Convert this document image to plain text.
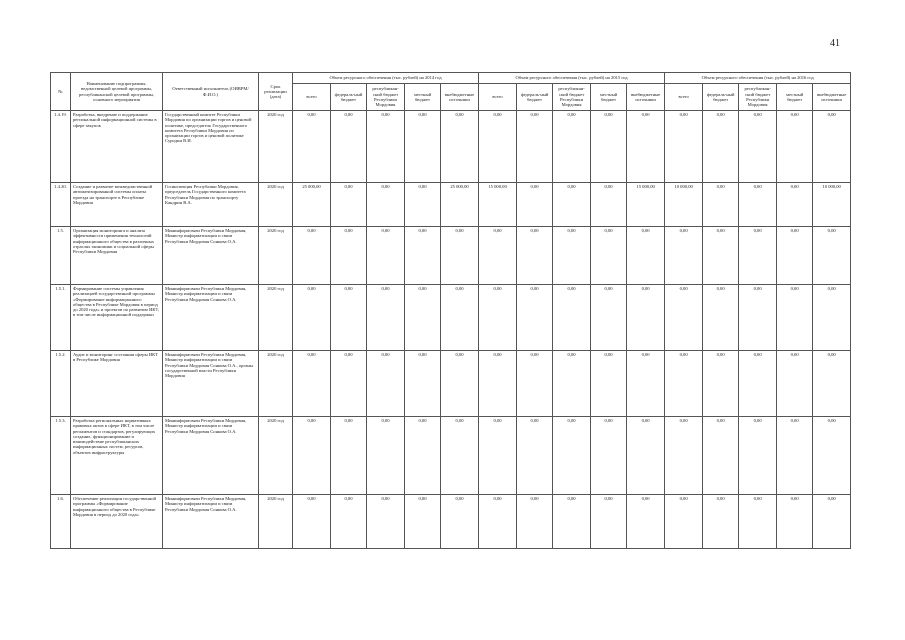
41
№	Наименование подпрограммы, ведомственной целевой программы, республиканской целевой программы, основного мероприятия	Ответственный исполнитель (ОИВРМ/Ф.И.О.)	Срок реализации (дата)	Объем ресурсного обеспечения (тыс. рублей) на 2014 год					Объем ресурсного обеспечения (тыс. рублей) на 2015 год					Объем ресурсного обеспечения (тыс. рублей) на 2016 год				
				всего	федераль-ный бюджет	республикан-ский бюджет Республики Мордовия	местный бюджет	внебюджетные источники	всего	федераль-ный бюджет	республикан-ский бюджет Республики Мордовия	местный бюджет	внебюджетные источники	всего	федераль-ный бюджет	республикан-ский бюджет Республики Мордовия	местный бюджет	внебюджетные источники
1.4.19.	Разработка, внедрение и поддержание региональной информационной системы в сфере закупок	Государственный комитет Республики Мордовия по организации торгов и ценовой политике, председатель Государственного комитета Республики Мордовия по организации торгов и ценовой политике Суродин В.И.	2020 год	0,00	0,00	0,00	0,00	0,00	0,00	0,00	0,00	0,00	0,00	0,00	0,00	0,00	0,00	0,00
1.4.20.	Создание и развитие межведомственной автоматизированной системы оплаты проезда на транспорте в Республике Мордовия	Госинспекция Республики Мордовия, председатель Государственного комитета Республики Мордовия по транспорту Кандрин В.А.	2020 год	25 000,00	0,00	0,00	0,00	25 000,00	15 000,00	0,00	0,00	0,00	15 000,00	10 000,00	0,00	0,00	0,00	10 000,00
1.5.	Организация мониторинга и анализа эффективности применения технологий информационного общества в различных отраслях экономики и социальной сферы Республики Мордовия	Мининформсвязи Республики Мордовия, Министр информатизации и связи Республики Мордовия Сонкова О.А.	2020 год	0,00	0,00	0,00	0,00	0,00	0,00	0,00	0,00	0,00	0,00	0,00	0,00	0,00	0,00	0,00
1.5.1.	Формирование системы управления реализацией государственной программы «Формирование информационного общества в Республике Мордовия в период до 2020 года» и проектов по развитию ИКТ, в том числе информационной поддержки	Мининформсвязи Республики Мордовия, Министр информатизации и связи Республики Мордовия Сонкова О.А.	2020 год	0,00	0,00	0,00	0,00	0,00	0,00	0,00	0,00	0,00	0,00	0,00	0,00	0,00	0,00	0,00
1.5.2.	Аудит и мониторинг состояния сферы ИКТ в Республике Мордовия	Мининформсвязи Республики Мордовия, Министр информатизации и связи Республики Мордовия Сонкова О.А., органы государственной власти Республики Мордовия	2020 год	0,00	0,00	0,00	0,00	0,00	0,00	0,00	0,00	0,00	0,00	0,00	0,00	0,00	0,00	0,00
1.5.3.	Разработка региональных нормативных правовых актов в сфере ИКТ, в том числе регламентов и стандартов, регулирующих создание, функционирование и взаимодействие республиканских информационных систем, ресурсов, объектов инфраструктуры	Мининформсвязи Республики Мордовия, Министр информатизации и связи Республики Мордовия Сонкова О.А.	2020 год	0,00	0,00	0,00	0,00	0,00	0,00	0,00	0,00	0,00	0,00	0,00	0,00	0,00	0,00	0,00
1.6.	Обеспечение реализации государственной программы «Формирование информационного общества в Республике Мордовия в период до 2020 года»	Мининформсвязи Республики Мордовия, Министр информатизации и связи Республики Мордовия Сонкова О.А.	2020 год	0,00	0,00	0,00	0,00	0,00	0,00	0,00	0,00	0,00	0,00	0,00	0,00	0,00	0,00	0,00
